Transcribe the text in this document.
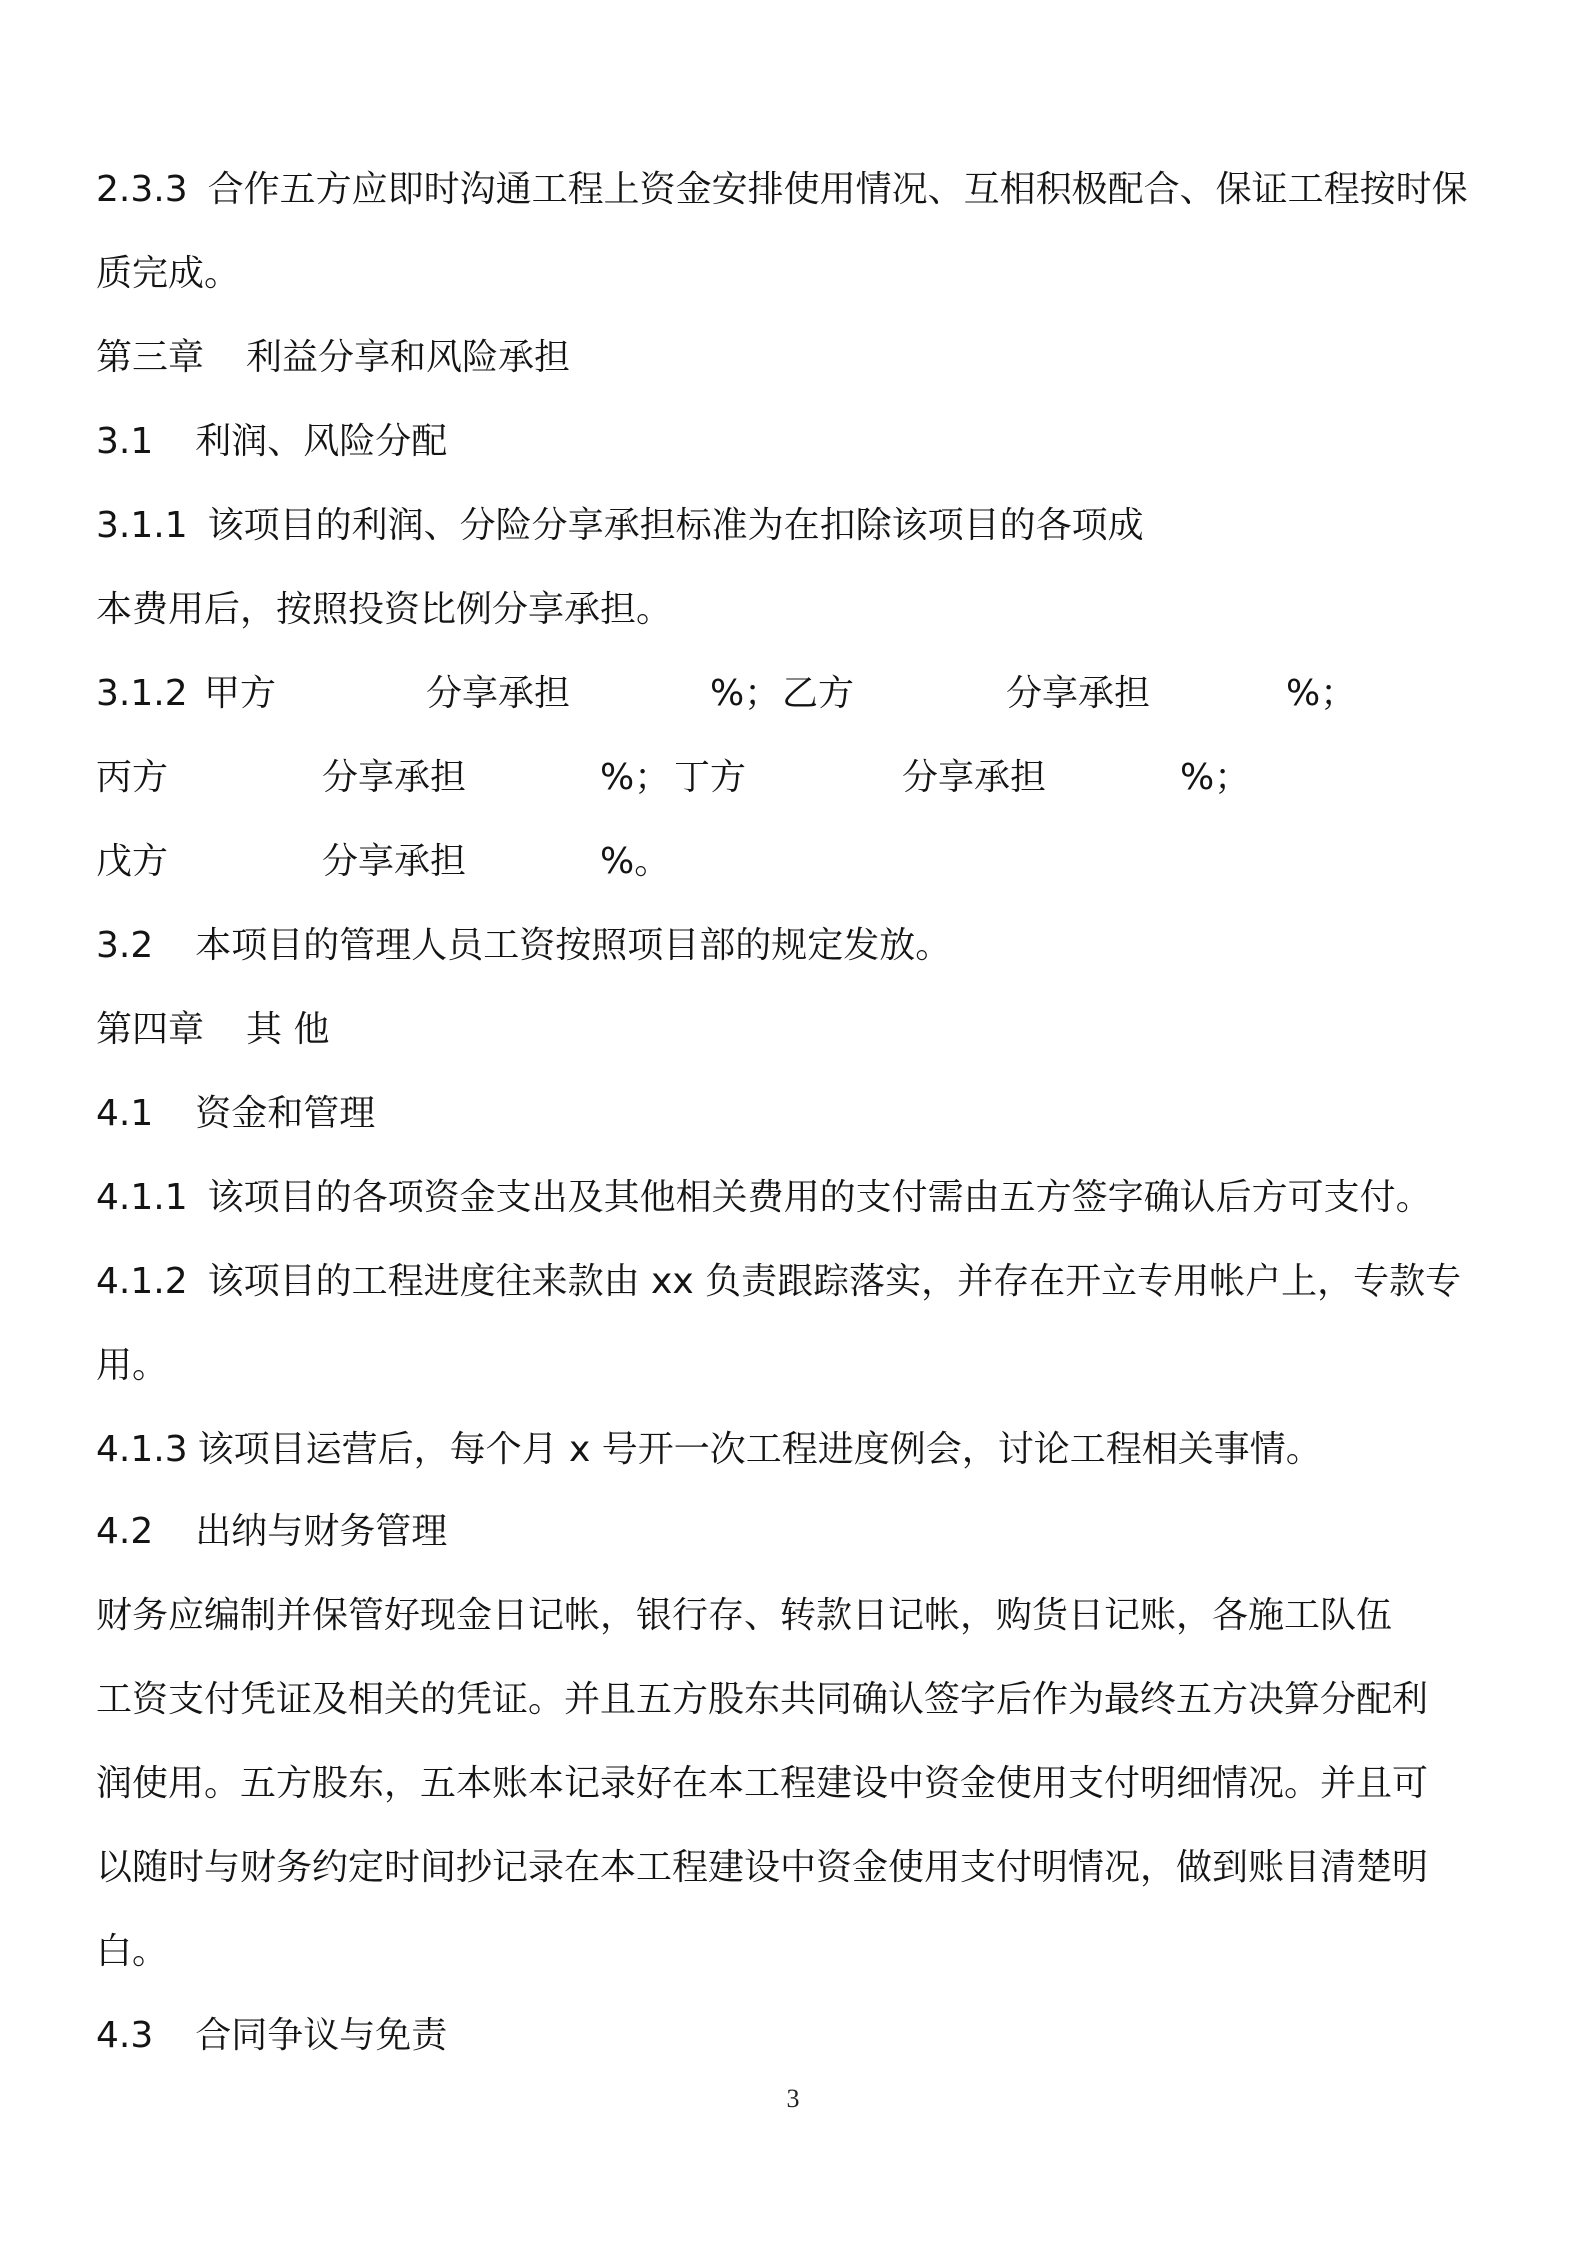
2.3.3 合作五方应即时沟通工程上资金安排使用情况、互相积极配合、保证工程按时保
质完成。
第三章 利益分享和风险承担
3.1 利润、风险分配
3.1.1 该项目的利润、分险分享承担标准为在扣除该项目的各项成
本费用后，按照投资比例分享承担。
3.1.2 甲方	分享承担	%； 乙方	分享承担	%；
丙方	分享承担	%； 丁方	分享承担	%；
戊方	分享承担	%。
3.2 本项目的管理人员工资按照项目部的规定发放。
第四章 其 他
4.1 资金和管理
4.1.1 该项目的各项资金支出及其他相关费用的支付需由五方签字确认后方可支付。
4.1.2 该项目的工程进度往来款由 xx 负责跟踪落实，并存在开立专用帐户上，专款专
用。
4.1.3 该项目运营后，每个月 x 号开一次工程进度例会，讨论工程相关事情。
4.2 出纳与财务管理
财务应编制并保管好现金日记帐，银行存、转款日记帐，购货日记账，各施工队伍
工资支付凭证及相关的凭证。并且五方股东共同确认签字后作为最终五方决算分配利
润使用。五方股东，五本账本记录好在本工程建设中资金使用支付明细情况。并且可
以随时与财务约定时间抄记录在本工程建设中资金使用支付明情况，做到账目清楚明
白。
4.3 合同争议与免责
3
